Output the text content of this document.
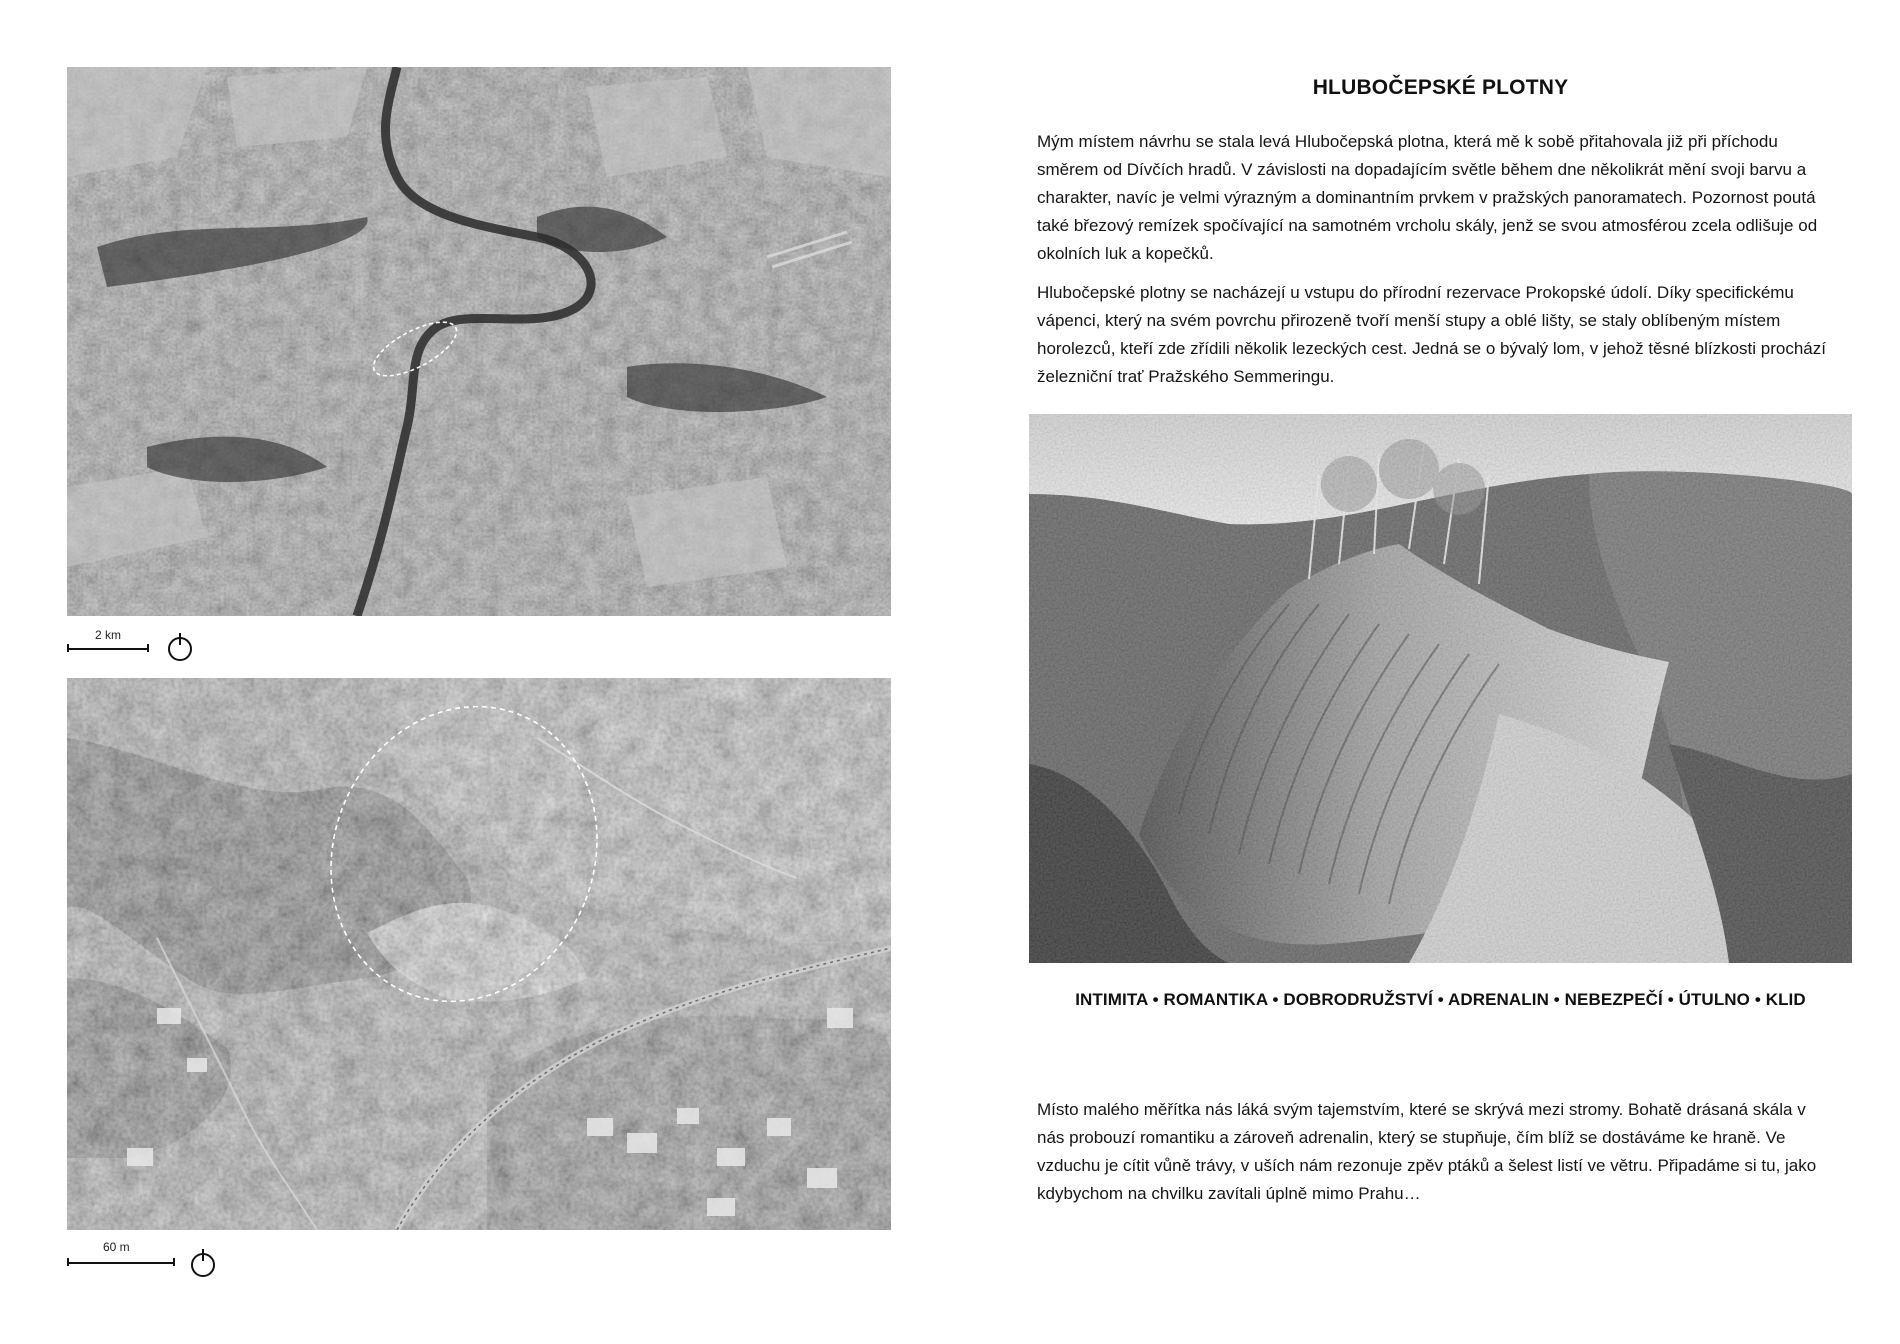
2 km
60 m
HLUBOČEPSKÉ PLOTNY

Mým místem návrhu se stala levá Hlubočepská plotna, která mě k sobě přitahovala již při příchodu směrem od Dívčích hradů. V závislosti na dopadajícím světle během dne několikrát mění svoji barvu a charakter, navíc je velmi výrazným a dominantním prvkem v pražských panoramatech. Pozornost poutá také březový remízek spočívající na samotném vrcholu skály, jenž se svou atmosférou zcela odlišuje od okolních luk a kopečků.

Hlubočepské plotny se nacházejí u vstupu do přírodní rezervace Prokopské údolí. Díky specifickému vápenci, který na svém povrchu přirozeně tvoří menší stupy a oblé lišty, se staly oblíbeným místem horolezců, kteří zde zřídili několik lezeckých cest. Jedná se o bývalý lom, v jehož těsné blízkosti prochází železniční trať Pražského Semmeringu.

INTIMITA • ROMANTIKA • DOBRODRUŽSTVÍ • ADRENALIN • NEBEZPEČÍ • ÚTULNO • KLID

Místo malého měřítka nás láká svým tajemstvím, které se skrývá mezi stromy. Bohatě drásaná skála v nás probouzí romantiku a zároveň adrenalin, který se stupňuje, čím blíž se dostáváme ke hraně. Ve vzduchu je cítit vůně trávy, v uších nám rezonuje zpěv ptáků a šelest listí ve větru. Připadáme si tu, jako kdybychom na chvilku zavítali úplně mimo Prahu…
